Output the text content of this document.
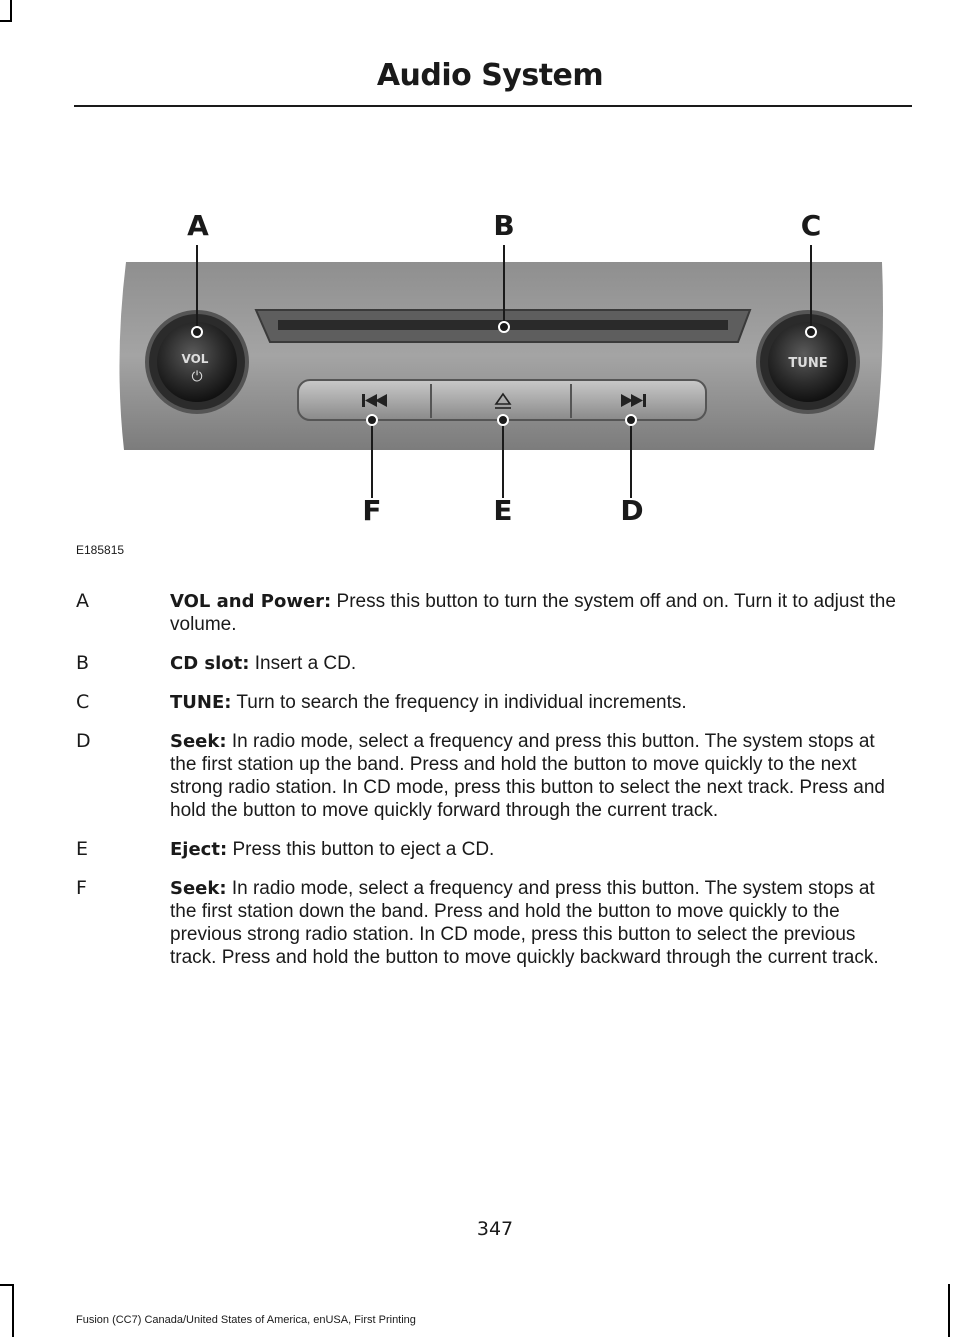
Audio System
VOL
⏻
TUNE
A	B	C
D
E
F
E185815
A	VOL and Power: Press this button to turn the system off and on. Turn it to adjust the volume.
B	CD slot: Insert a CD.
C	TUNE: Turn to search the frequency in individual increments.
D	Seek: In radio mode, select a frequency and press this button. The system stops at the first station up the band. Press and hold the button to move quickly to the next strong radio station. In CD mode, press this button to select the next track. Press and hold the button to move quickly forward through the current track.
E	Eject: Press this button to eject a CD.
F	Seek: In radio mode, select a frequency and press this button. The system stops at the first station down the band. Press and hold the button to move quickly to the previous strong radio station. In CD mode, press this button to select the previous track. Press and hold the button to move quickly backward through the current track.
347
Fusion (CC7) Canada/United States of America, enUSA, First Printing
